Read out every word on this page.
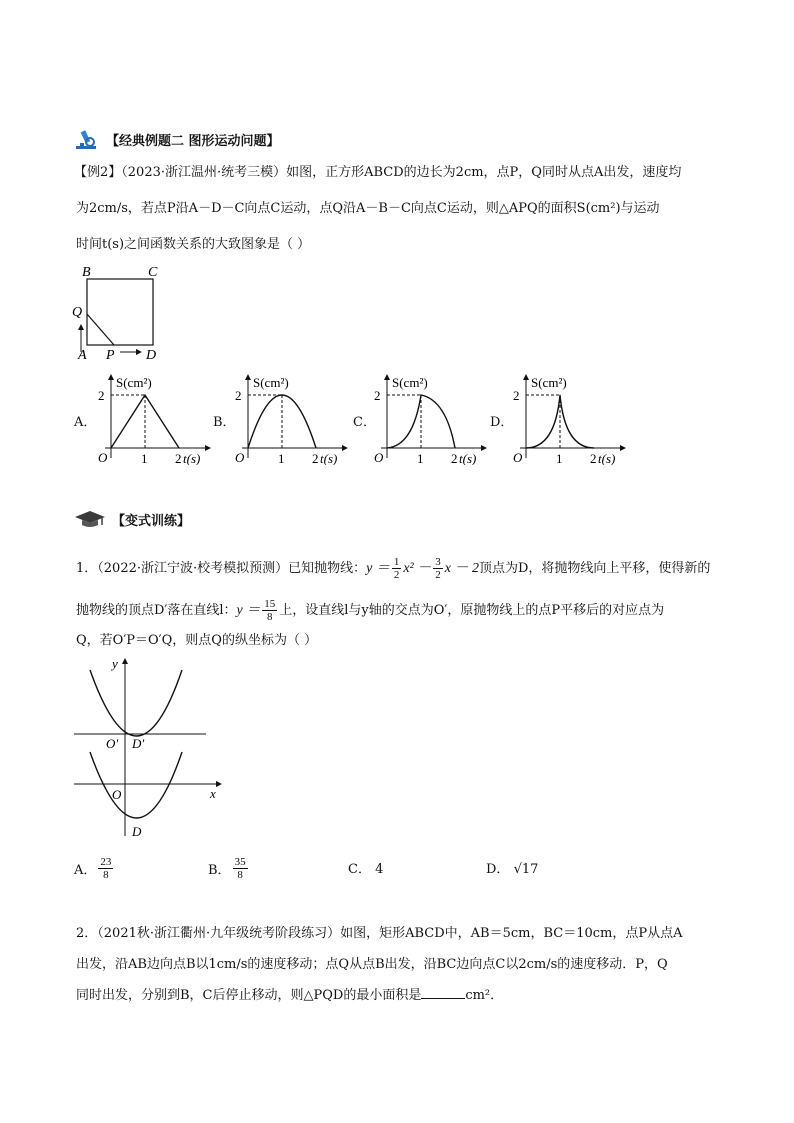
【经典例题二 图形运动问题】
【例2】（2023·浙江温州·统考三模）如图，正方形ABCD的边长为2cm，点P，Q同时从点A出发，速度均
为2cm/s，若点P沿A－D－C向点C运动，点Q沿A－B－C向点C运动，则△APQ的面积S(cm²)与运动
时间t(s)之间函数关系的大致图象是（ ）
B	C
Q
A P D
A．	B．	C．	D．
S(cm²)
2
O	1 2 t(s)
S(cm²)
2
O	1 2 t(s)
S(cm²)
2
O	1 2 t(s)
S(cm²)
2
O	1 2 t(s)
【变式训练】
1．（2022·浙江宁波·校考模拟预测）已知抛物线： $y = \frac{1}{2} x^2 - \frac{3}{2}$ x － 2 顶点为D，将抛物线向上平移，使得新的
抛物线的顶点D′落在直线l： $y = \frac{15}{8}$ 上，设直线l与y轴的交点为O′，原抛物线上的点P平移后的对应点为
Q，若O′P＝O′Q，则点Q的纵坐标为（ ）
y
O′ D′
O	x
D
A． $\frac{23}{8}$	B． $\frac{35}{8}$	C． 4	D． √17
2．（2021秋·浙江衢州·九年级统考阶段练习）如图，矩形ABCD中，AB＝5cm，BC＝10cm，点P从点A
出发，沿AB边向点B以1cm/s的速度移动；点Q从点B出发，沿BC边向点C以2cm/s的速度移动．P，Q
同时出发，分别到B，C后停止移动，则△PQD的最小面积是	cm²．
